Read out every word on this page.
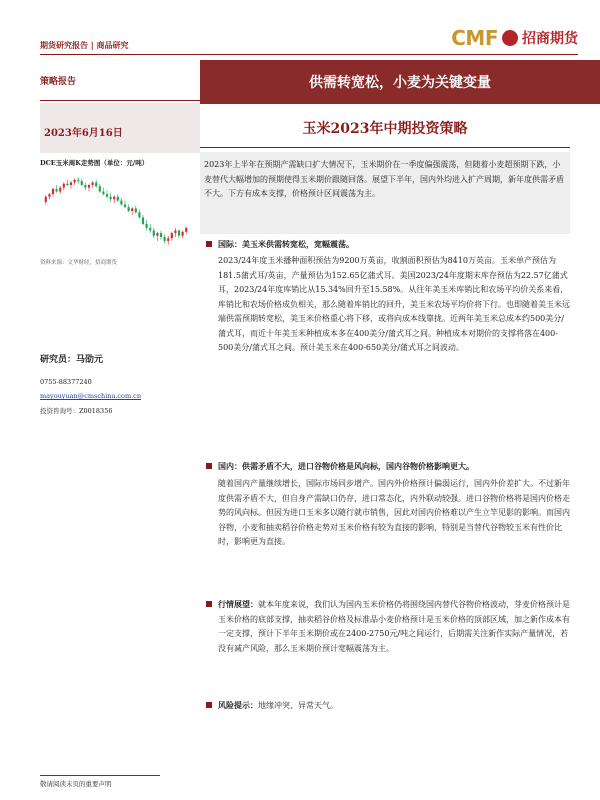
期货研究报告 | 商品研究	CMF 招商期货
策略报告	供需转宽松，小麦为关键变量
2023年6月16日	玉米2023年中期投资策略
DCE玉米周K走势图（单位：元/吨）
资料来源：文华财经，招商期货
研究员：马劭元
0755-88377240
mayouyuan@cmschina.com.cn
投资咨询号：Z0018356
2023年上半年在预期产需缺口扩大情况下，玉米期价在一季度偏强震荡，但随着小麦超预期下跌，小麦替代大幅增加的预期使得玉米期价跟随回落。展望下半年，国内外均进入扩产周期，新年度供需矛盾不大。下方有成本支撑，价格预计区间震荡为主。
国际：美玉米供需转宽松，宽幅震荡。
2023/24年度玉米播种面积预估为9200万英亩，收割面积预估为8410万英亩。玉米单产预估为181.5蒲式耳/英亩，产量预估为152.65亿蒲式耳。美国2023/24年度期末库存预估为22.57亿蒲式耳，2023/24年度库销比从15.34%回升至15.58%。从往年美玉米库销比和农场平均价关系来看，库销比和农场价格成负相关，那么随着库销比的回升，美玉米农场平均价将下行。也即随着美玉米远端供需预期转宽松，美玉米价格重心将下移，或将向成本线靠拢。近两年美玉米总成本约500美分/蒲式耳，而近十年美玉米种植成本多在400美分/蒲式耳之间。种植成本对期价的支撑将落在400-500美分/蒲式耳之间。预计美玉米在400-650美分/蒲式耳之间波动。
国内：供需矛盾不大，进口谷物价格是风向标，国内谷物价格影响更大。
随着国内产量继续增长，国际市场同步增产。国内外价格预计偏弱运行，国内外价差扩大。不过新年度供需矛盾不大，但自身产需缺口仍存，进口常态化，内外联动较强。进口谷物价格将是国内价格走势的风向标。但因为进口玉米多以随行就市销售，因此对国内价格难以产生立竿见影的影响。而国内谷物，小麦和抽卖稻谷价格走势对玉米价格有较为直接的影响，特别是当替代谷物较玉米有性价比时，影响更为直接。
行情展望：就本年度来说，我们认为国内玉米价格仍将围绕国内替代谷物价格波动，芽麦价格预计是玉米价格的底部支撑，抽卖稻谷价格及标准品小麦价格预计是玉米价格的顶部区域，加之新作成本有一定支撑，预计下半年玉米期价或在2400-2750元/吨之间运行，后期需关注新作实际产量情况，若没有减产风险，那么玉米期价预计宽幅震荡为主。
风险提示：地缘冲突、异常天气。
敬请阅读末页的重要声明
